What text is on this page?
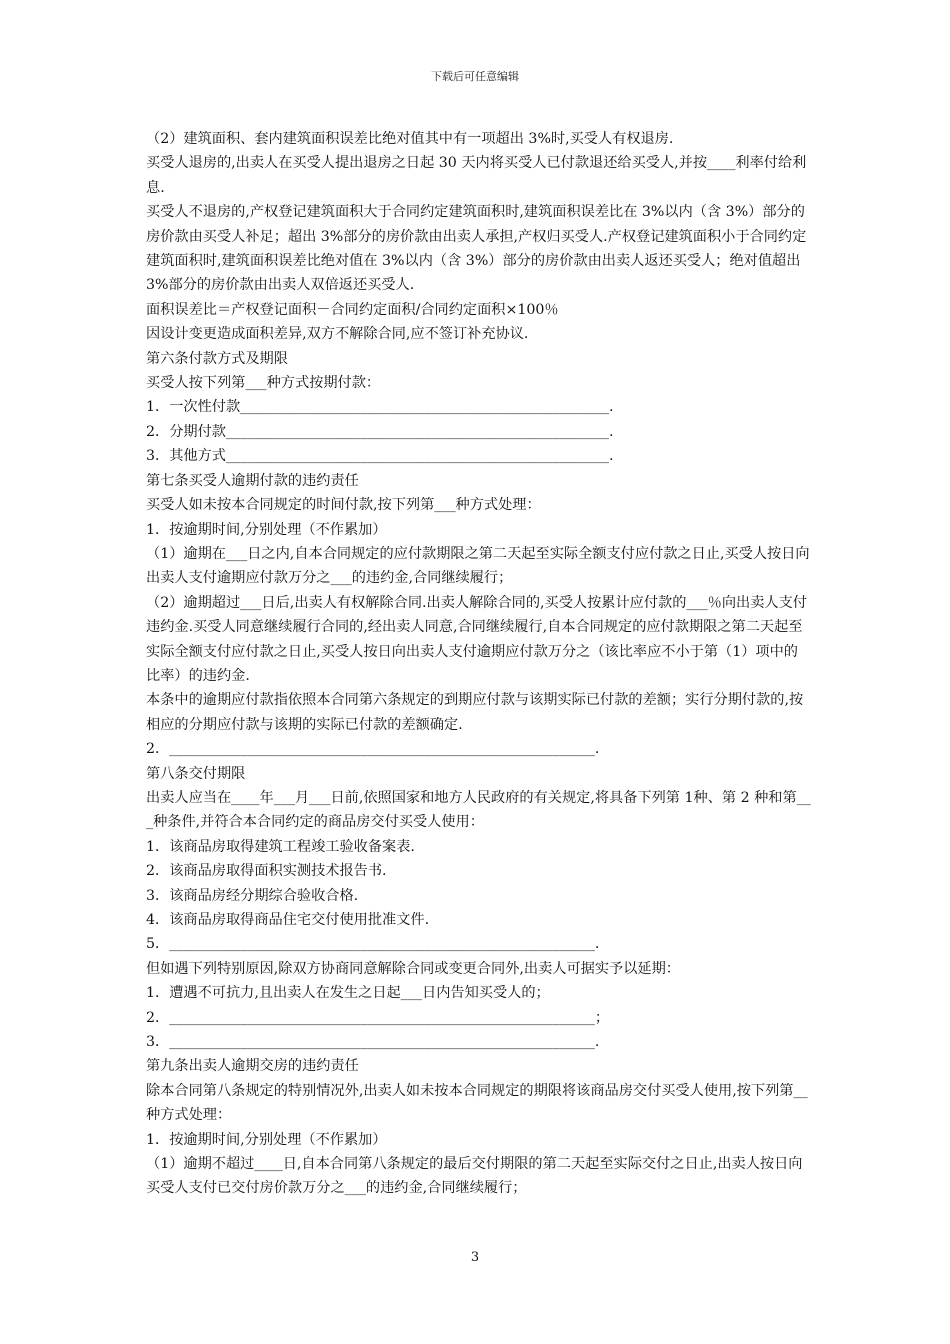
下载后可任意编辑

（2）建筑面积、套内建筑面积误差比绝对值其中有一项超出 3%时,买受人有权退房.

买受人退房的,出卖人在买受人提出退房之日起 30 天内将买受人已付款退还给买受人,并按____利率付给利息.

买受人不退房的,产权登记建筑面积大于合同约定建筑面积时,建筑面积误差比在 3%以内（含 3%）部分的房价款由买受人补足；超出 3%部分的房价款由出卖人承担,产权归买受人.产权登记建筑面积小于合同约定建筑面积时,建筑面积误差比绝对值在 3%以内（含 3%）部分的房价款由出卖人返还买受人；绝对值超出 3%部分的房价款由出卖人双倍返还买受人.

面积误差比＝产权登记面积－合同约定面积/合同约定面积×100％

因设计变更造成面积差异,双方不解除合同,应不签订补充协议.

第六条付款方式及期限

买受人按下列第___种方式按期付款：

1．一次性付款____________________________________________________.

2．分期付款______________________________________________________.

3．其他方式______________________________________________________.

第七条买受人逾期付款的违约责任

买受人如未按本合同规定的时间付款,按下列第___种方式处理：

1．按逾期时间,分别处理（不作累加）

（1）逾期在___日之内,自本合同规定的应付款期限之第二天起至实际全额支付应付款之日止,买受人按日向出卖人支付逾期应付款万分之___的违约金,合同继续履行；

（2）逾期超过___日后,出卖人有权解除合同.出卖人解除合同的,买受人按累计应付款的___％向出卖人支付违约金.买受人同意继续履行合同的,经出卖人同意,合同继续履行,自本合同规定的应付款期限之第二天起至实际全额支付应付款之日止,买受人按日向出卖人支付逾期应付款万分之（该比率应不小于第（1）项中的比率）的违约金.

本条中的逾期应付款指依照本合同第六条规定的到期应付款与该期实际已付款的差额；实行分期付款的,按相应的分期应付款与该期的实际已付款的差额确定.

2．____________________________________________________________.

第八条交付期限

出卖人应当在____年___月___日前,依照国家和地方人民政府的有关规定,将具备下列第 1种、第 2 种和第___种条件,并符合本合同约定的商品房交付买受人使用：

1．该商品房取得建筑工程竣工验收备案表.

2．该商品房取得面积实测技术报告书.

3．该商品房经分期综合验收合格.

4．该商品房取得商品住宅交付使用批准文件.

5．____________________________________________________________.

但如遇下列特别原因,除双方协商同意解除合同或变更合同外,出卖人可据实予以延期：

1．遭遇不可抗力,且出卖人在发生之日起___日内告知买受人的；

2．____________________________________________________________；

3．____________________________________________________________.

第九条出卖人逾期交房的违约责任

除本合同第八条规定的特别情况外,出卖人如未按本合同规定的期限将该商品房交付买受人使用,按下列第__种方式处理：

1．按逾期时间,分别处理（不作累加）

（1）逾期不超过____日,自本合同第八条规定的最后交付期限的第二天起至实际交付之日止,出卖人按日向买受人支付已交付房价款万分之___的违约金,合同继续履行；

3
